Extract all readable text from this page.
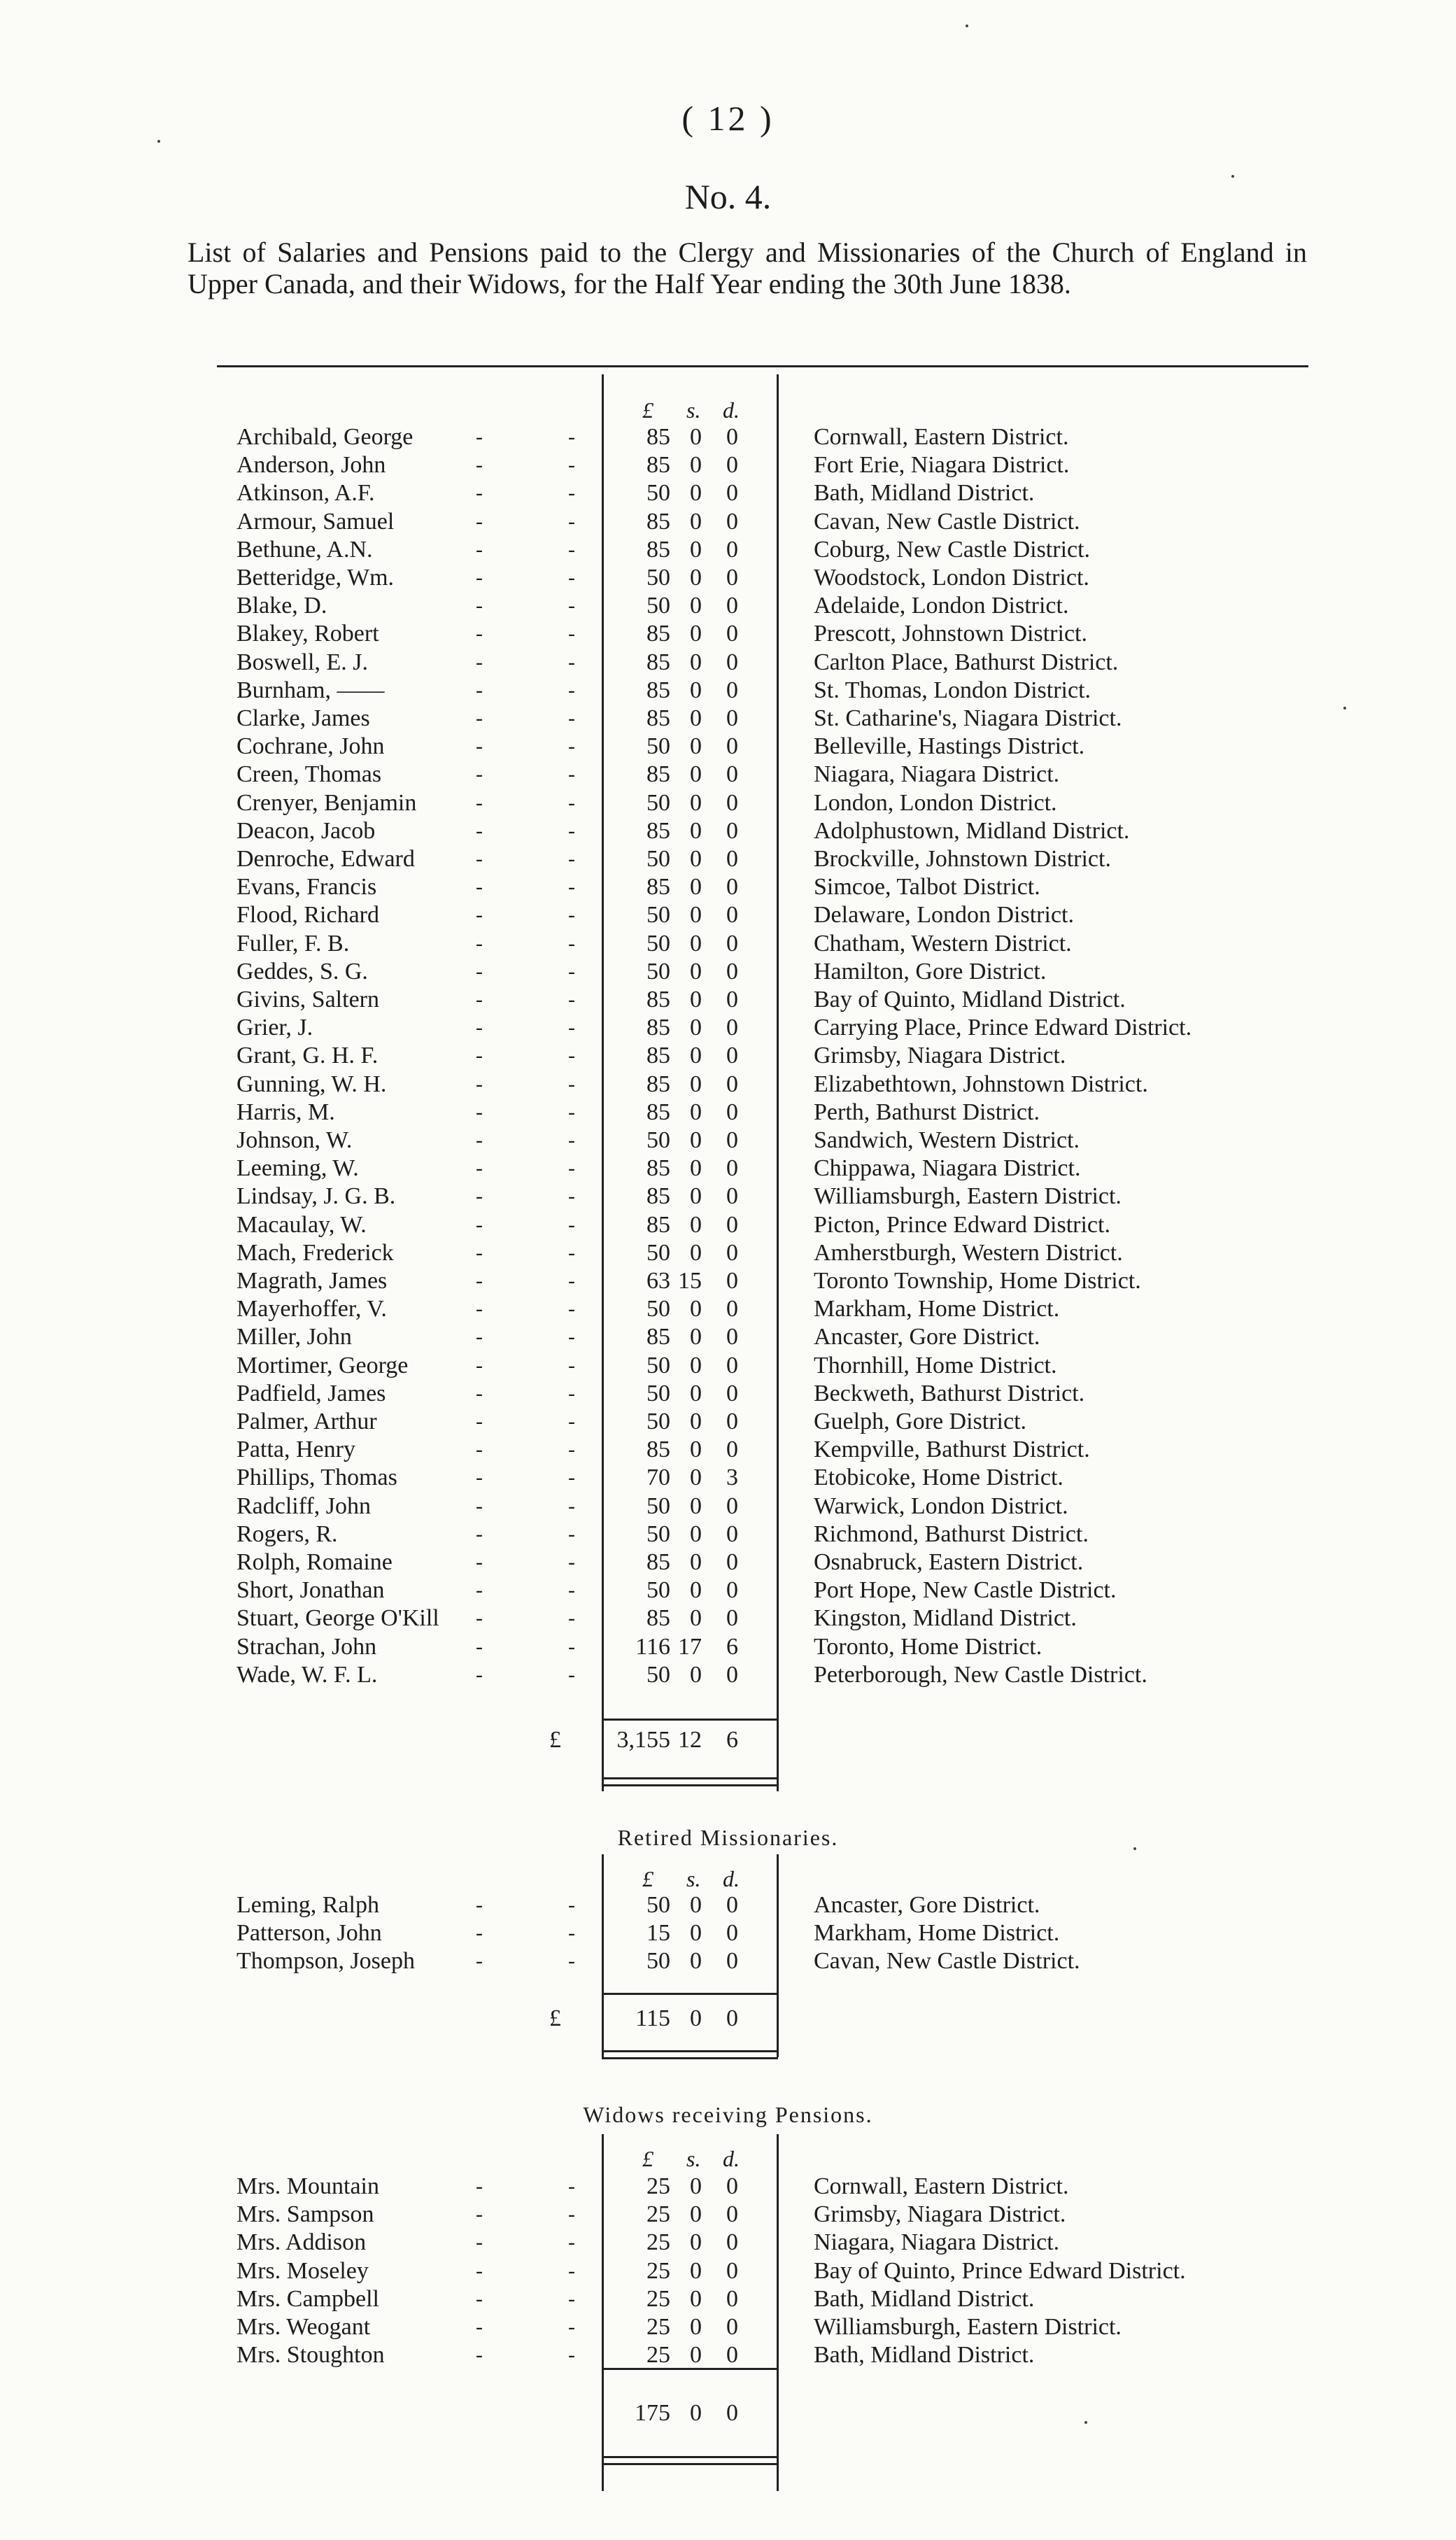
( 12 )
No. 4.
List of Salaries and Pensions paid to the Clergy and Missionaries of the Church of England in Upper Canada, and their Widows, for the Half Year ending the 30th June 1838.
£ s. d.
Archibald, George	-	-	85 0	0	Cornwall, Eastern District.
Anderson, John	-	-	85 0	0	Fort Erie, Niagara District.
Atkinson, A.F.	-	-	50 0	0	Bath, Midland District.
Armour, Samuel	-	-	85 0	0	Cavan, New Castle District.
Bethune, A.N.	-	-	85 0	0	Coburg, New Castle District.
Betteridge, Wm.	-	-	50 0	0	Woodstock, London District.
Blake, D.	-	-	50 0	0	Adelaide, London District.
Blakey, Robert	-	-	85 0	0	Prescott, Johnstown District.
Boswell, E. J.	-	-	85 0	0	Carlton Place, Bathurst District.
Burnham, ——	-	-	85 0	0	St. Thomas, London District.
Clarke, James	-	-	85 0	0	St. Catharine's, Niagara District.
Cochrane, John	-	-	50 0	0	Belleville, Hastings District.
Creen, Thomas	-	-	85 0	0	Niagara, Niagara District.
Crenyer, Benjamin	-	-	50 0	0	London, London District.
Deacon, Jacob	-	-	85 0	0	Adolphustown, Midland District.
Denroche, Edward	-	-	50 0	0	Brockville, Johnstown District.
Evans, Francis	-	-	85 0	0	Simcoe, Talbot District.
Flood, Richard	-	-	50 0	0	Delaware, London District.
Fuller, F. B.	-	-	50 0	0	Chatham, Western District.
Geddes, S. G.	-	-	50 0	0	Hamilton, Gore District.
Givins, Saltern	-	-	85 0	0	Bay of Quinto, Midland District.
Grier, J.	-	-	85 0	0	Carrying Place, Prince Edward District.
Grant, G. H. F.	-	-	85 0	0	Grimsby, Niagara District.
Gunning, W. H.	-	-	85 0	0	Elizabethtown, Johnstown District.
Harris, M.	-	-	85 0	0	Perth, Bathurst District.
Johnson, W.	-	-	50 0	0	Sandwich, Western District.
Leeming, W.	-	-	85 0	0	Chippawa, Niagara District.
Lindsay, J. G. B.	-	-	85 0	0	Williamsburgh, Eastern District.
Macaulay, W.	-	-	85 0	0	Picton, Prince Edward District.
Mach, Frederick	-	-	50 0	0	Amherstburgh, Western District.
Magrath, James	-	-	63 15	0	Toronto Township, Home District.
Mayerhoffer, V.	-	-	50 0	0	Markham, Home District.
Miller, John	-	-	85 0	0	Ancaster, Gore District.
Mortimer, George	-	-	50 0	0	Thornhill, Home District.
Padfield, James	-	-	50 0	0	Beckweth, Bathurst District.
Palmer, Arthur	-	-	50 0	0	Guelph, Gore District.
Patta, Henry	-	-	85 0	0	Kempville, Bathurst District.
Phillips, Thomas	-	-	70 0	3	Etobicoke, Home District.
Radcliff, John	-	-	50 0	0	Warwick, London District.
Rogers, R.	-	-	50 0	0	Richmond, Bathurst District.
Rolph, Romaine	-	-	85 0	0	Osnabruck, Eastern District.
Short, Jonathan	-	-	50 0	0	Port Hope, New Castle District.
Stuart, George O'Kill -	-	85 0	0	Kingston, Midland District.
Strachan, John	-	-	116 17	6	Toronto, Home District.
Wade, W. F. L.	-	-	50 0	0	Peterborough, New Castle District.
£	3,155 12	6
Retired Missionaries.
£ s. d.
Leming, Ralph	-	-	50 0	0	Ancaster, Gore District.
Patterson, John	-	-	15 0	0	Markham, Home District.
Thompson, Joseph	-	-	50 0	0	Cavan, New Castle District.
£	115 0	0
Widows receiving Pensions.
£ s. d.
Mrs. Mountain	-	-	25 0	0	Cornwall, Eastern District.
Mrs. Sampson	-	-	25 0	0	Grimsby, Niagara District.
Mrs. Addison	-	-	25 0	0	Niagara, Niagara District.
Mrs. Moseley	-	-	25 0	0	Bay of Quinto, Prince Edward District.
Mrs. Campbell	-	-	25 0	0	Bath, Midland District.
Mrs. Weogant	-	-	25 0	0	Williamsburgh, Eastern District.
Mrs. Stoughton	-	-	25 0	0	Bath, Midland District.
175 0	0
